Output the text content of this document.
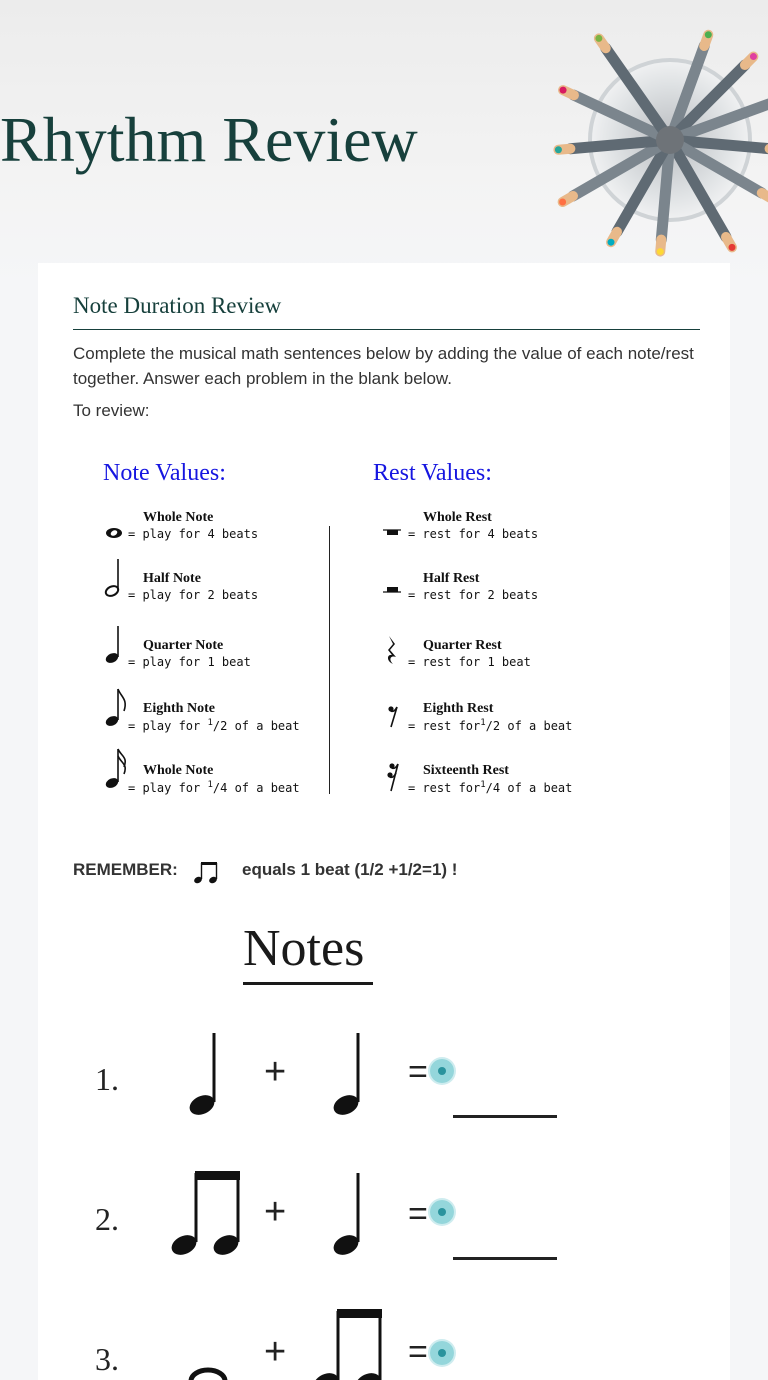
Rhythm Review
Note Duration Review
Complete the musical math sentences below by adding the value of each note/rest together. Answer each problem in the blank below.
To review:
Note Values:	Rest Values:
Whole Note
= play for 4 beats
Half Note
= play for 2 beats
Quarter Note
= play for 1 beat
Eighth Note
= play for $^1$/2 of a beat
Whole Note
= play for $^1$/4 of a beat
Whole Rest
= rest for 4 beats
Half Rest
= rest for 2 beats
Quarter Rest
= rest for 1 beat
Eighth Rest
= rest for$^1$/2 of a beat
Sixteenth Rest
= rest for$^1$/4 of a beat
REMEMBER:	equals 1 beat (1/2 +1/2=1) !
Notes
1.	+	=
2.	+	=
3.	+	=
